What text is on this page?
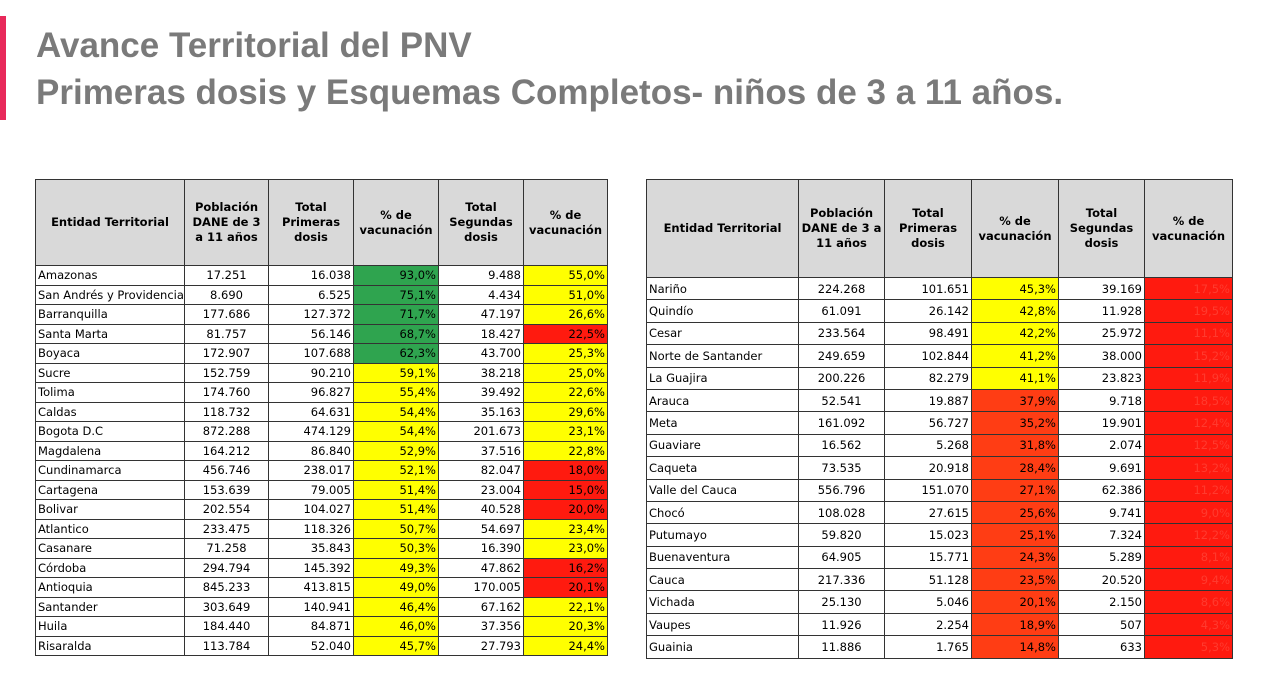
Avance Territorial del PNV
Primeras dosis y Esquemas Completos- niños de 3 a 11 años.
Entidad Territorial	Población DANE de 3 a 11 años	Total Primeras dosis	% de vacunación	Total Segundas dosis	% de vacunación
Amazonas	17.251	16.038	93,0%	9.488	55,0%
San Andrés y Providencia	8.690	6.525	75,1%	4.434	51,0%
Barranquilla	177.686	127.372	71,7%	47.197	26,6%
Santa Marta	81.757	56.146	68,7%	18.427	22,5%
Boyaca	172.907	107.688	62,3%	43.700	25,3%
Sucre	152.759	90.210	59,1%	38.218	25,0%
Tolima	174.760	96.827	55,4%	39.492	22,6%
Caldas	118.732	64.631	54,4%	35.163	29,6%
Bogota D.C	872.288	474.129	54,4%	201.673	23,1%
Magdalena	164.212	86.840	52,9%	37.516	22,8%
Cundinamarca	456.746	238.017	52,1%	82.047	18,0%
Cartagena	153.639	79.005	51,4%	23.004	15,0%
Bolivar	202.554	104.027	51,4%	40.528	20,0%
Atlantico	233.475	118.326	50,7%	54.697	23,4%
Casanare	71.258	35.843	50,3%	16.390	23,0%
Córdoba	294.794	145.392	49,3%	47.862	16,2%
Antioquia	845.233	413.815	49,0%	170.005	20,1%
Santander	303.649	140.941	46,4%	67.162	22,1%
Huila	184.440	84.871	46,0%	37.356	20,3%
Risaralda	113.784	52.040	45,7%	27.793	24,4%
Entidad Territorial	Población DANE de 3 a 11 años	Total Primeras dosis	% de vacunación	Total Segundas dosis	% de vacunación
Nariño	224.268	101.651	45,3%	39.169	17,5%
Quindío	61.091	26.142	42,8%	11.928	19,5%
Cesar	233.564	98.491	42,2%	25.972	11,1%
Norte de Santander	249.659	102.844	41,2%	38.000	15,2%
La Guajira	200.226	82.279	41,1%	23.823	11,9%
Arauca	52.541	19.887	37,9%	9.718	18,5%
Meta	161.092	56.727	35,2%	19.901	12,4%
Guaviare	16.562	5.268	31,8%	2.074	12,5%
Caqueta	73.535	20.918	28,4%	9.691	13,2%
Valle del Cauca	556.796	151.070	27,1%	62.386	11,2%
Chocó	108.028	27.615	25,6%	9.741	9,0%
Putumayo	59.820	15.023	25,1%	7.324	12,2%
Buenaventura	64.905	15.771	24,3%	5.289	8,1%
Cauca	217.336	51.128	23,5%	20.520	9,4%
Vichada	25.130	5.046	20,1%	2.150	8,6%
Vaupes	11.926	2.254	18,9%	507	4,3%
Guainia	11.886	1.765	14,8%	633	5,3%
